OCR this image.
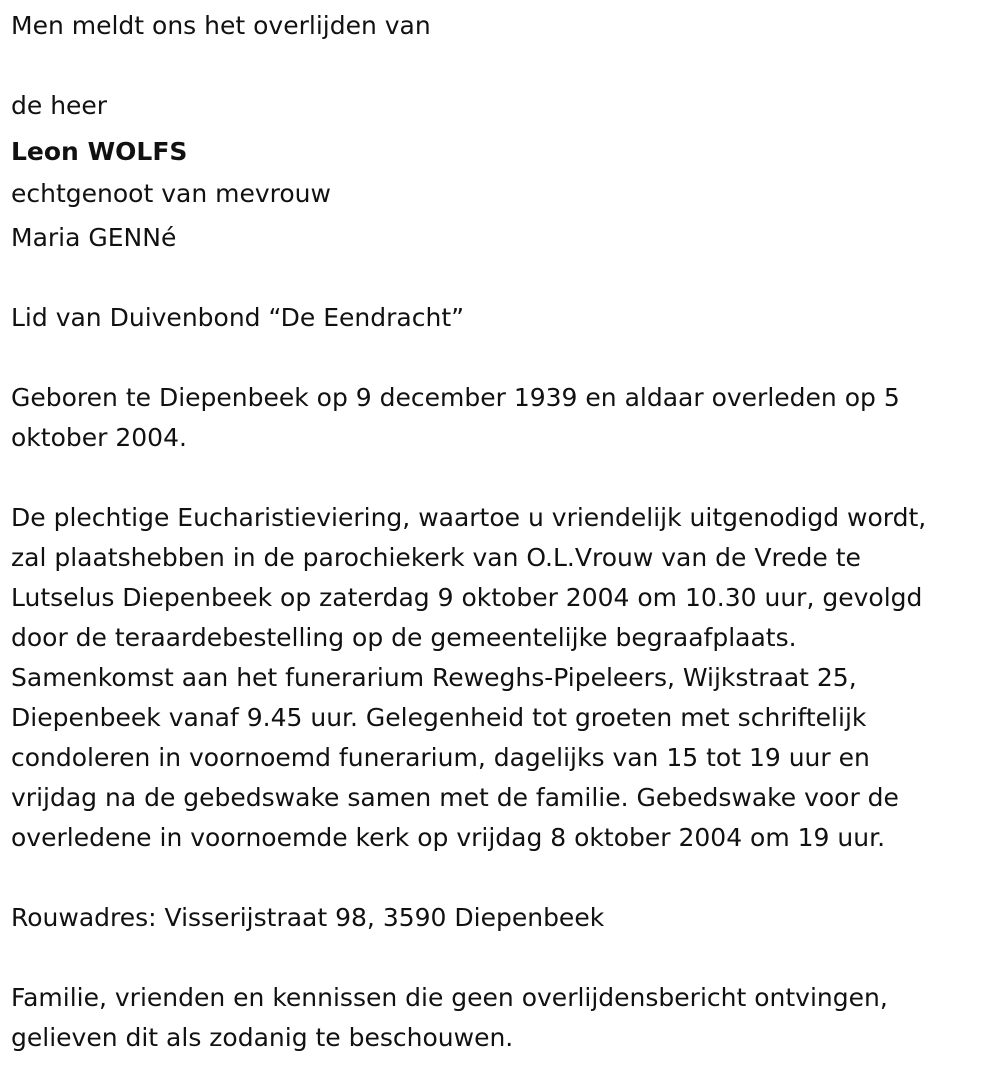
Men meldt ons het overlijden van

de heer

Leon WOLFS

echtgenoot van mevrouw

Maria GENNé

Lid van Duivenbond “De Eendracht”

Geboren te Diepenbeek op 9 december 1939 en aldaar overleden op 5

oktober 2004.

De plechtige Eucharistieviering, waartoe u vriendelijk uitgenodigd wordt,

zal plaatshebben in de parochiekerk van O.L.Vrouw van de Vrede te

Lutselus Diepenbeek op zaterdag 9 oktober 2004 om 10.30 uur, gevolgd

door de teraardebestelling op de gemeentelijke begraafplaats.

Samenkomst aan het funerarium Reweghs-Pipeleers, Wijkstraat 25,

Diepenbeek vanaf 9.45 uur. Gelegenheid tot groeten met schriftelijk

condoleren in voornoemd funerarium, dagelijks van 15 tot 19 uur en

vrijdag na de gebedswake samen met de familie. Gebedswake voor de

overledene in voornoemde kerk op vrijdag 8 oktober 2004 om 19 uur.

Rouwadres: Visserijstraat 98, 3590 Diepenbeek

Familie, vrienden en kennissen die geen overlijdensbericht ontvingen,

gelieven dit als zodanig te beschouwen.
